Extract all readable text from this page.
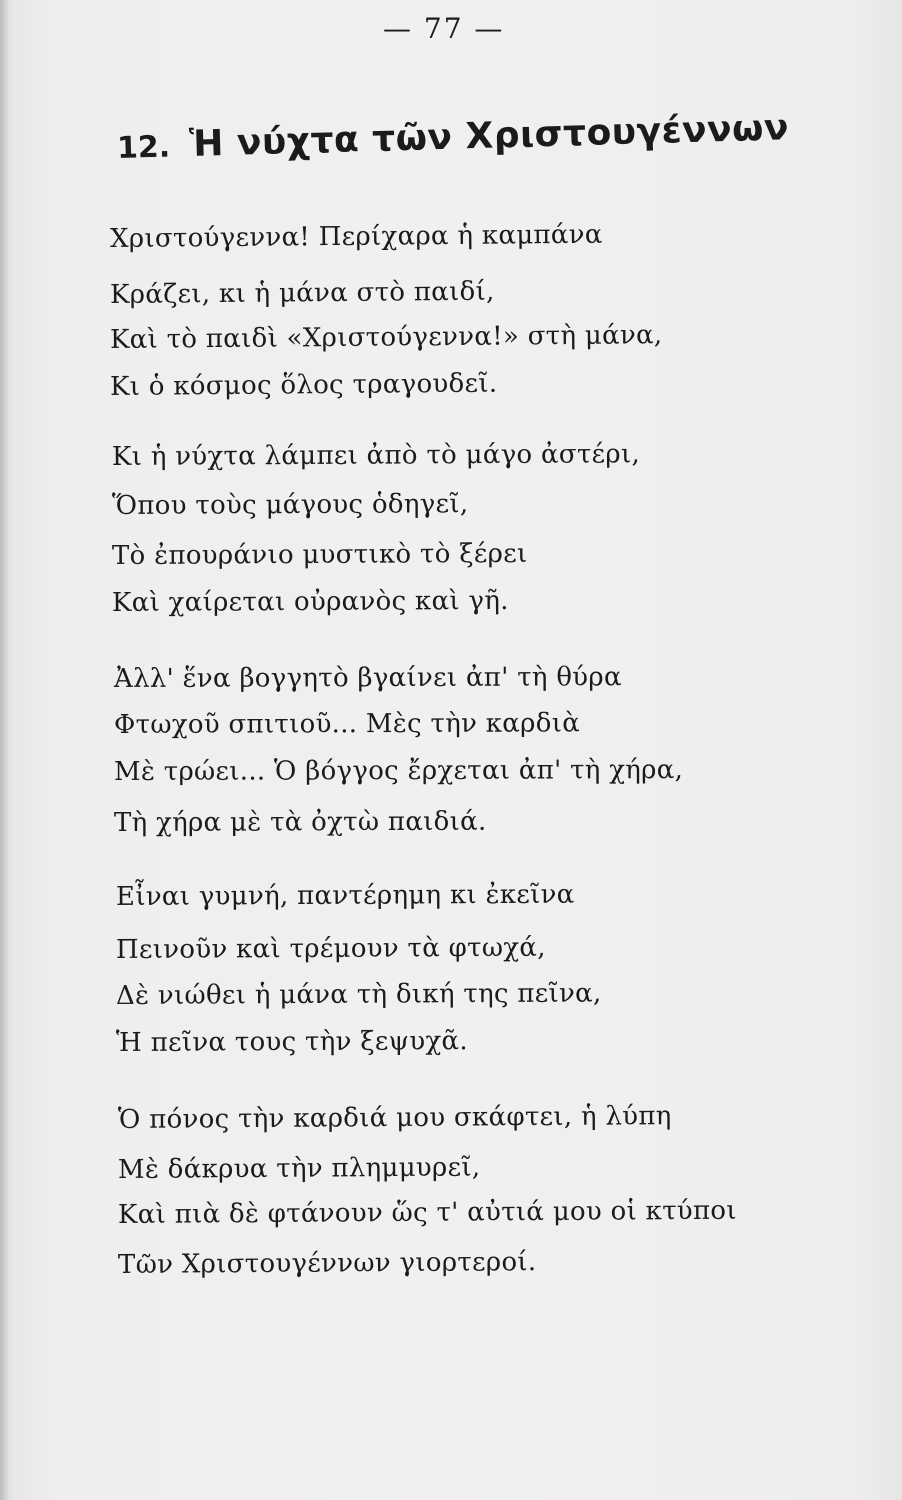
— 77 —
12. Ἡ νύχτα τῶν Χριστουγέννων
Χριστούγεννα! Περίχαρα ἡ καμπάνα
Κράζει, κι ἡ μάνα στὸ παιδί,
Καὶ τὸ παιδὶ «Χριστούγεννα!» στὴ μάνα,
Κι ὁ κόσμος ὅλος τραγουδεῖ.
Κι ἡ νύχτα λάμπει ἀπὸ τὸ μάγο ἀστέρι,
Ὅπου τοὺς μάγους ὁδηγεῖ,
Τὸ ἐπουράνιο μυστικὸ τὸ ξέρει
Καὶ χαίρεται οὐρανὸς καὶ γῆ.
Ἀλλ' ἕνα βογγητὸ βγαίνει ἀπ' τὴ θύρα
Φτωχοῦ σπιτιοῦ... Μὲς τὴν καρδιὰ
Μὲ τρώει... Ὁ βόγγος ἔρχεται ἀπ' τὴ χήρα,
Τὴ χήρα μὲ τὰ ὀχτὼ παιδιά.
Εἶναι γυμνή, παντέρημη κι ἐκεῖνα
Πεινοῦν καὶ τρέμουν τὰ φτωχά,
Δὲ νιώθει ἡ μάνα τὴ δική της πεῖνα,
Ἡ πεῖνα τους τὴν ξεψυχᾶ.
Ὁ πόνος τὴν καρδιά μου σκάφτει, ἡ λύπη
Μὲ δάκρυα τὴν πλημμυρεῖ,
Καὶ πιὰ δὲ φτάνουν ὥς τ' αὐτιά μου οἱ κτύποι
Τῶν Χριστουγέννων γιορτεροί.
